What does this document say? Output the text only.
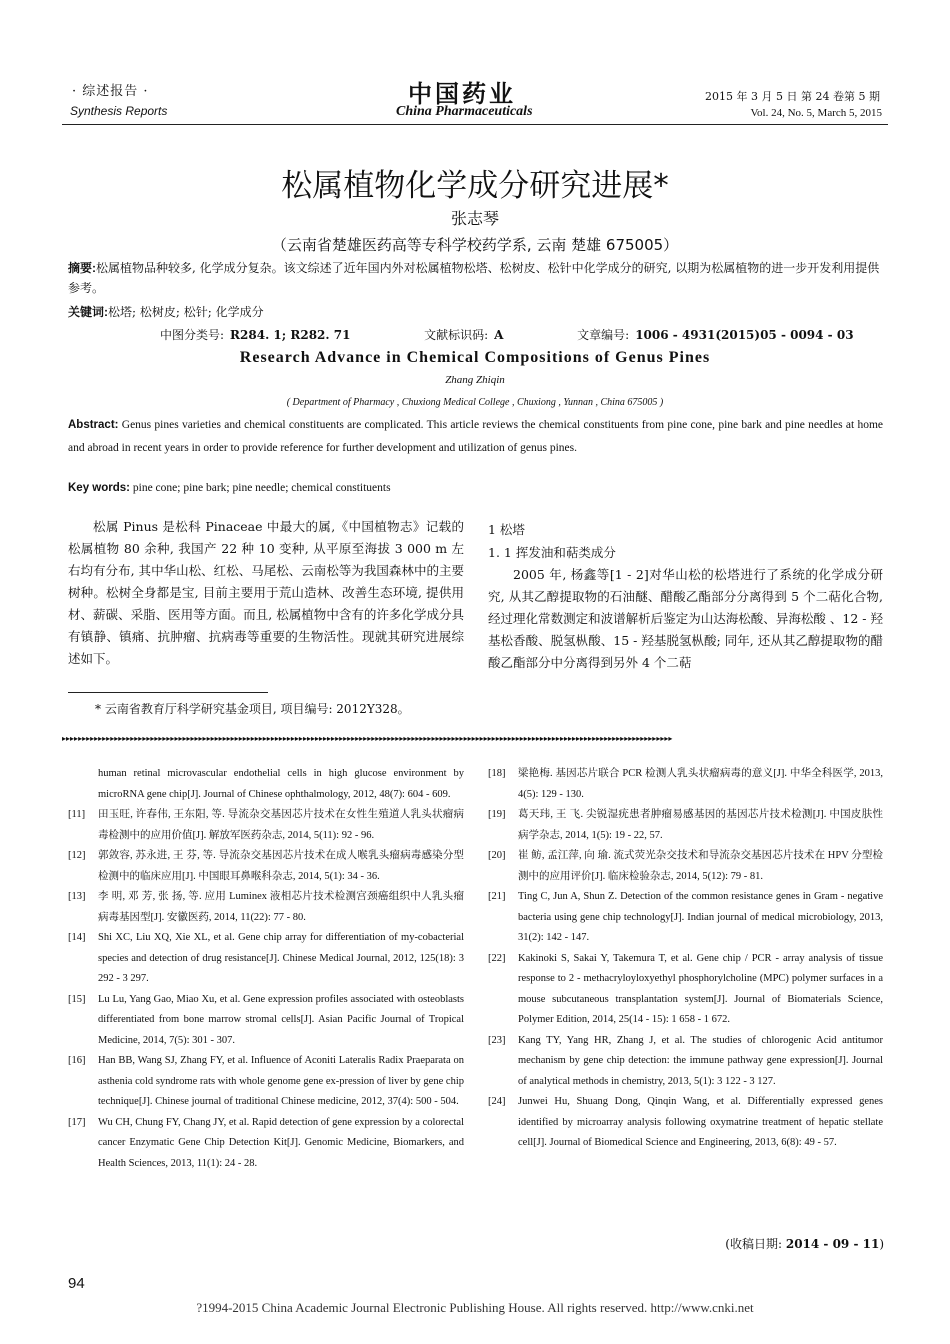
· 综述报告 ·
Synthesis Reports
中国药业
China Pharmaceuticals
2015 年 3 月 5 日 第 24 卷第 5 期
Vol. 24, No. 5, March 5, 2015
松属植物化学成分研究进展*
张志琴
（云南省楚雄医药高等专科学校药学系, 云南 楚雄 675005）
摘要:松属植物品种较多, 化学成分复杂。该文综述了近年国内外对松属植物松塔、松树皮、松针中化学成分的研究, 以期为松属植物的进一步开发利用提供参考。
关键词:松塔; 松树皮; 松针; 化学成分
中图分类号: R284. 1; R282. 71	文献标识码: A	文章编号: 1006 - 4931(2015)05 - 0094 - 03
Research Advance in Chemical Compositions of Genus Pines
Zhang Zhiqin
( Department of Pharmacy , Chuxiong Medical College , Chuxiong , Yunnan , China 675005 )
Abstract: Genus pines varieties and chemical constituents are complicated. This article reviews the chemical constituents from pine cone, pine bark and pine needles at home and abroad in recent years in order to provide reference for further development and utilization of genus pines.
Key words: pine cone; pine bark; pine needle; chemical constituents
松属 Pinus 是松科 Pinaceae 中最大的属,《中国植物志》记载的松属植物 80 余种, 我国产 22 种 10 变种, 从平原至海拔 3 000 m 左右均有分布, 其中华山松、红松、马尾松、云南松等为我国森林中的主要树种。松树全身都是宝, 目前主要用于荒山造林、改善生态环境, 提供用材、薪碳、采脂、医用等方面。而且, 松属植物中含有的许多化学成分具有镇静、镇痛、抗肿瘤、抗病毒等重要的生物活性。现就其研究进展综述如下。
1 松塔
1. 1 挥发油和萜类成分
2005 年, 杨鑫等[1 - 2]对华山松的松塔进行了系统的化学成分研究, 从其乙醇提取物的石油醚、醋酸乙酯部分分离得到 5 个二萜化合物, 经过理化常数测定和波谱解析后鉴定为山达海松酸、异海松酸 、12 - 羟基松香酸、脱氢枞酸、15 - 羟基脱氢枞酸; 同年, 还从其乙醇提取物的醋酸乙酯部分中分离得到另外 4 个二萜
* 云南省教育厅科学研究基金项目, 项目编号: 2012Y328。
▸▸▸▸▸▸▸▸▸▸▸▸▸▸▸▸▸▸▸▸▸▸▸▸▸▸▸▸▸▸▸▸▸▸▸▸▸▸▸▸▸▸▸▸▸▸▸▸▸▸▸▸▸▸▸▸▸▸▸▸▸▸▸▸▸▸▸▸▸▸▸▸▸▸▸▸▸▸▸▸▸▸▸▸▸▸▸▸▸▸▸▸▸▸▸▸▸▸▸▸▸▸▸▸▸▸▸▸▸▸▸▸▸▸▸▸▸▸▸▸▸▸▸▸▸▸▸▸▸▸▸▸▸▸▸▸▸▸▸▸▸▸▸▸▸▸▸▸▸▸▸▸
human retinal microvascular endothelial cells in high glucose environment by microRNA gene chip[J]. Journal of Chinese ophthalmology, 2012, 48(7): 604 - 609.
[11]	田玉旺, 许春伟, 王东阳, 等. 导流杂交基因芯片技术在女性生殖道人乳头状瘤病毒检测中的应用价值[J]. 解放军医药杂志, 2014, 5(11): 92 - 96.
[12]	郭敛容, 苏永进, 王 芬, 等. 导流杂交基因芯片技术在成人喉乳头瘤病毒感染分型检测中的临床应用[J]. 中国眼耳鼻喉科杂志, 2014, 5(1): 34 - 36.
[13]	李 明, 邓 芳, 张 扬, 等. 应用 Luminex 液相芯片技术检测宫颈癌组织中人乳头瘤病毒基因型[J]. 安徽医药, 2014, 11(22): 77 - 80.
[14]	Shi XC, Liu XQ, Xie XL, et al. Gene chip array for differentiation of my-cobacterial species and detection of drug resistance[J]. Chinese Medical Journal, 2012, 125(18): 3 292 - 3 297.
[15]	Lu Lu, Yang Gao, Miao Xu, et al. Gene expression profiles associated with osteoblasts differentiated from bone marrow stromal cells[J]. Asian Pacific Journal of Tropical Medicine, 2014, 7(5): 301 - 307.
[16]	Han BB, Wang SJ, Zhang FY, et al. Influence of Aconiti Lateralis Radix Praeparata on asthenia cold syndrome rats with whole genome gene ex-pression of liver by gene chip technique[J]. Chinese journal of traditional Chinese medicine, 2012, 37(4): 500 - 504.
[17]	Wu CH, Chung FY, Chang JY, et al. Rapid detection of gene expression by a colorectal cancer Enzymatic Gene Chip Detection Kit[J]. Genomic Medicine, Biomarkers, and Health Sciences, 2013, 11(1): 24 - 28.
[18]	梁艳梅. 基因芯片联合 PCR 检测人乳头状瘤病毒的意义[J]. 中华全科医学, 2013, 4(5): 129 - 130.
[19]	葛天玮, 王 飞. 尖锐湿疣患者肿瘤易感基因的基因芯片技术检测[J]. 中国皮肤性病学杂志, 2014, 1(5): 19 - 22, 57.
[20]	崔 鲂, 孟江萍, 向 瑜. 流式荧光杂交技术和导流杂交基因芯片技术在 HPV 分型检测中的应用评价[J]. 临床检验杂志, 2014, 5(12): 79 - 81.
[21]	Ting C, Jun A, Shun Z. Detection of the common resistance genes in Gram - negative bacteria using gene chip technology[J]. Indian journal of medical microbiology, 2013, 31(2): 142 - 147.
[22]	Kakinoki S, Sakai Y, Takemura T, et al. Gene chip / PCR - array analysis of tissue response to 2 - methacryloyloxyethyl phosphorylcholine (MPC) polymer surfaces in a mouse subcutaneous transplantation system[J]. Journal of Biomaterials Science, Polymer Edition, 2014, 25(14 - 15): 1 658 - 1 672.
[23]	Kang TY, Yang HR, Zhang J, et al. The studies of chlorogenic Acid antitumor mechanism by gene chip detection: the immune pathway gene expression[J]. Journal of analytical methods in chemistry, 2013, 5(1): 3 122 - 3 127.
[24]	Junwei Hu, Shuang Dong, Qinqin Wang, et al. Differentially expressed genes identified by microarray analysis following oxymatrine treatment of hepatic stellate cell[J]. Journal of Biomedical Science and Engineering, 2013, 6(8): 49 - 57.
(收稿日期: 2014 - 09 - 11)
94
?1994-2015 China Academic Journal Electronic Publishing House. All rights reserved. http://www.cnki.net
